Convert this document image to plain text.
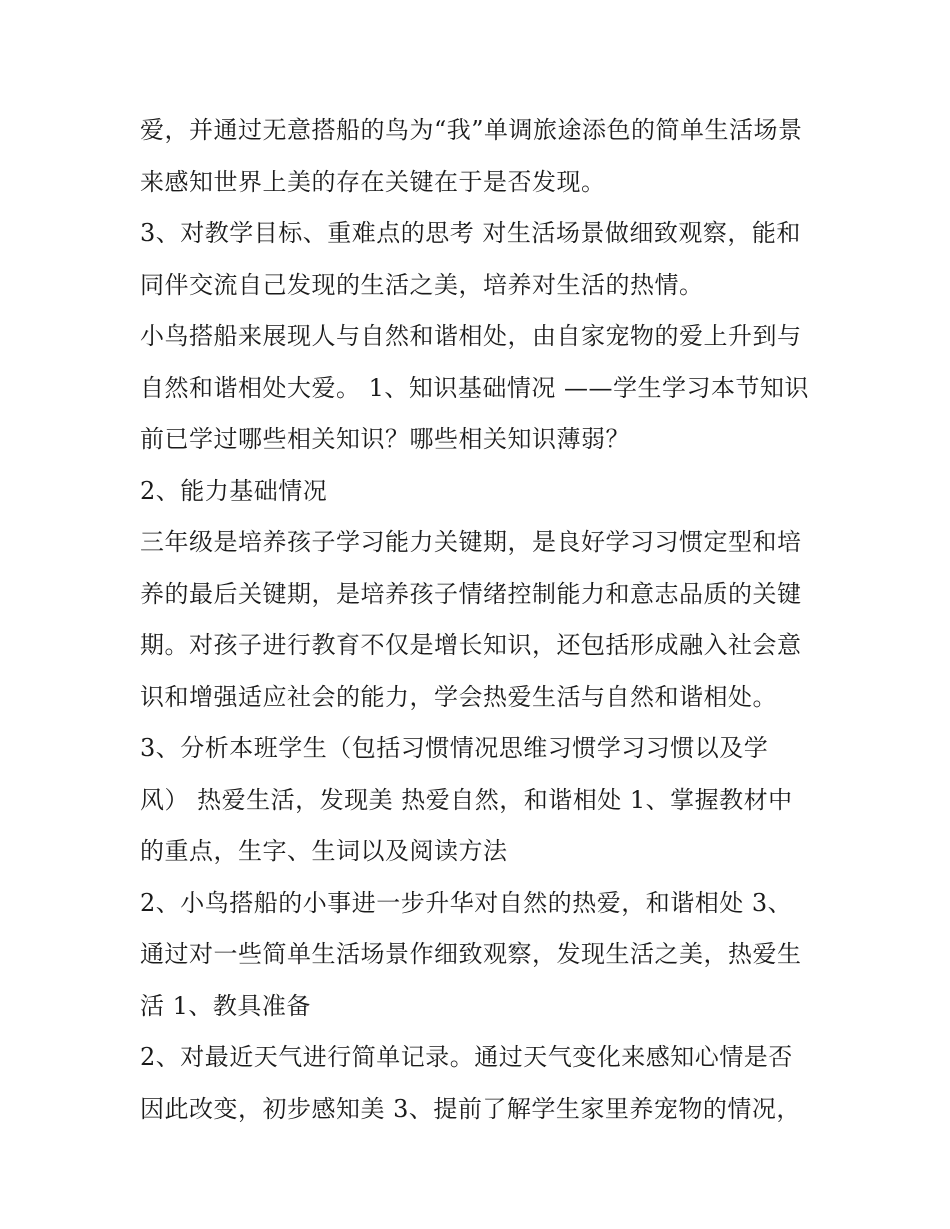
爱，并通过无意搭船的鸟为“我”单调旅途添色的简单生活场景
来感知世界上美的存在关键在于是否发现。
3、对教学目标、重难点的思考 对生活场景做细致观察，能和
同伴交流自己发现的生活之美，培养对生活的热情。
小鸟搭船来展现人与自然和谐相处，由自家宠物的爱上升到与
自然和谐相处大爱。 1、知识基础情况 ——学生学习本节知识
前已学过哪些相关知识？哪些相关知识薄弱？
2、能力基础情况
三年级是培养孩子学习能力关键期，是良好学习习惯定型和培
养的最后关键期，是培养孩子情绪控制能力和意志品质的关键
期。对孩子进行教育不仅是增长知识，还包括形成融入社会意
识和增强适应社会的能力，学会热爱生活与自然和谐相处。
3、分析本班学生（包括习惯情况思维习惯学习习惯以及学
风） 热爱生活，发现美 热爱自然，和谐相处 1、掌握教材中
的重点，生字、生词以及阅读方法
2、小鸟搭船的小事进一步升华对自然的热爱，和谐相处 3、
通过对一些简单生活场景作细致观察，发现生活之美，热爱生
活 1、教具准备
2、对最近天气进行简单记录。通过天气变化来感知心情是否
因此改变，初步感知美 3、提前了解学生家里养宠物的情况，
